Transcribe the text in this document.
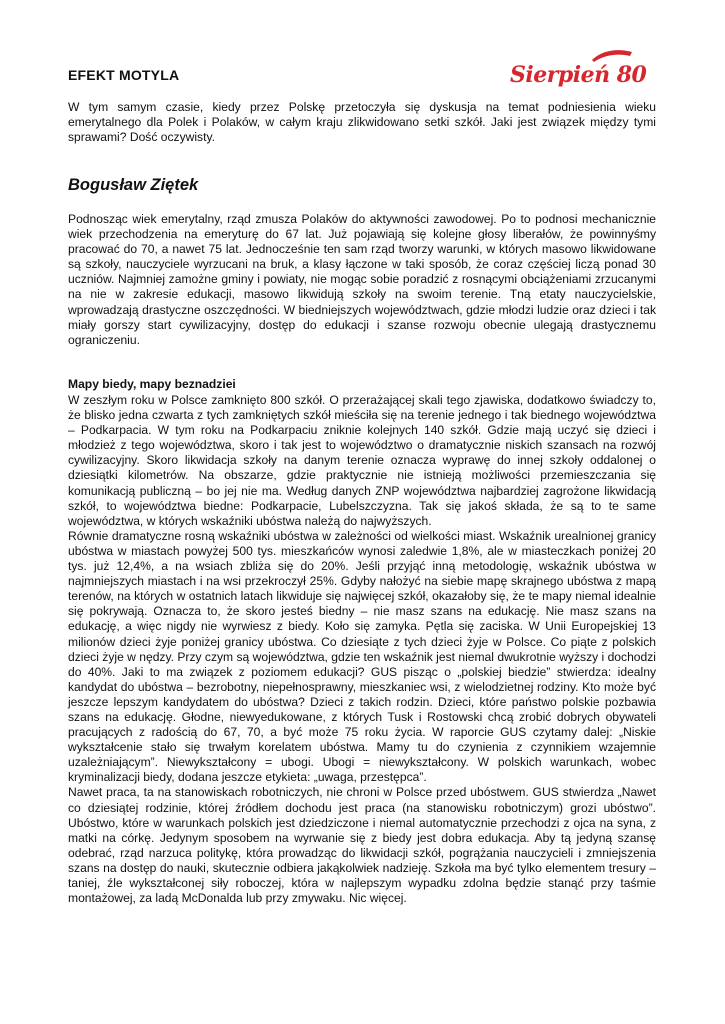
EFEKT MOTYLA	Sierpień 80

W tym samym czasie, kiedy przez Polskę przetoczyła się dyskusja na temat podniesienia wieku emerytalnego dla Polek i Polaków, w całym kraju zlikwidowano setki szkół. Jaki jest związek między tymi sprawami? Dość oczywisty.

Bogusław Ziętek

Podnosząc wiek emerytalny, rząd zmusza Polaków do aktywności zawodowej. Po to podnosi mechanicznie wiek przechodzenia na emeryturę do 67 lat. Już pojawiają się kolejne głosy liberałów, że powinnyśmy pracować do 70, a nawet 75 lat. Jednocześnie ten sam rząd tworzy warunki, w których masowo likwidowane są szkoły, nauczyciele wyrzucani na bruk, a klasy łączone w taki sposób, że coraz częściej liczą ponad 30 uczniów. Najmniej zamożne gminy i powiaty, nie mogąc sobie poradzić z rosnącymi obciążeniami zrzucanymi na nie w zakresie edukacji, masowo likwidują szkoły na swoim terenie. Tną etaty nauczycielskie, wprowadzają drastyczne oszczędności. W biedniejszych województwach, gdzie młodzi ludzie oraz dzieci i tak miały gorszy start cywilizacyjny, dostęp do edukacji i szanse rozwoju obecnie ulegają drastycznemu ograniczeniu.

Mapy biedy, mapy beznadziei

W zeszłym roku w Polsce zamknięto 800 szkół. O przerażającej skali tego zjawiska, dodatkowo świadczy to, że blisko jedna czwarta z tych zamkniętych szkół mieściła się na terenie jednego i tak biednego województwa – Podkarpacia. W tym roku na Podkarpaciu zniknie kolejnych 140 szkół. Gdzie mają uczyć się dzieci i młodzież z tego województwa, skoro i tak jest to województwo o dramatycznie niskich szansach na rozwój cywilizacyjny. Skoro likwidacja szkoły na danym terenie oznacza wyprawę do innej szkoły oddalonej o dziesiątki kilometrów. Na obszarze, gdzie praktycznie nie istnieją możliwości przemieszczania się komunikacją publiczną – bo jej nie ma. Według danych ZNP województwa najbardziej zagrożone likwidacją szkół, to województwa biedne: Podkarpacie, Lubelszczyzna. Tak się jakoś składa, że są to te same województwa, w których wskaźniki ubóstwa należą do najwyższych.

Równie dramatyczne rosną wskaźniki ubóstwa w zależności od wielkości miast. Wskaźnik urealnionej granicy ubóstwa w miastach powyżej 500 tys. mieszkańców wynosi zaledwie 1,8%, ale w miasteczkach poniżej 20 tys. już 12,4%, a na wsiach zbliża się do 20%. Jeśli przyjąć inną metodologię, wskaźnik ubóstwa w najmniejszych miastach i na wsi przekroczył 25%. Gdyby nałożyć na siebie mapę skrajnego ubóstwa z mapą terenów, na których w ostatnich latach likwiduje się najwięcej szkół, okazałoby się, że te mapy niemal idealnie się pokrywają. Oznacza to, że skoro jesteś biedny – nie masz szans na edukację. Nie masz szans na edukację, a więc nigdy nie wyrwiesz z biedy. Koło się zamyka. Pętla się zaciska. W Unii Europejskiej 13 milionów dzieci żyje poniżej granicy ubóstwa. Co dziesiąte z tych dzieci żyje w Polsce. Co piąte z polskich dzieci żyje w nędzy. Przy czym są województwa, gdzie ten wskaźnik jest niemal dwukrotnie wyższy i dochodzi do 40%. Jaki to ma związek z poziomem edukacji? GUS pisząc o „polskiej biedzie” stwierdza: idealny kandydat do ubóstwa – bezrobotny, niepełnosprawny, mieszkaniec wsi, z wielodzietnej rodziny. Kto może być jeszcze lepszym kandydatem do ubóstwa? Dzieci z takich rodzin. Dzieci, które państwo polskie pozbawia szans na edukację. Głodne, niewyedukowane, z których Tusk i Rostowski chcą zrobić dobrych obywateli pracujących z radością do 67, 70, a być może 75 roku życia. W raporcie GUS czytamy dalej: „Niskie wykształcenie stało się trwałym korelatem ubóstwa. Mamy tu do czynienia z czynnikiem wzajemnie uzależniającym”. Niewykształcony = ubogi. Ubogi = niewykształcony. W polskich warunkach, wobec kryminalizacji biedy, dodana jeszcze etykieta: „uwaga, przestępca”.

Nawet praca, ta na stanowiskach robotniczych, nie chroni w Polsce przed ubóstwem. GUS stwierdza „Nawet co dziesiątej rodzinie, której źródłem dochodu jest praca (na stanowisku robotniczym) grozi ubóstwo”. Ubóstwo, które w warunkach polskich jest dziedziczone i niemal automatycznie przechodzi z ojca na syna, z matki na córkę. Jedynym sposobem na wyrwanie się z biedy jest dobra edukacja. Aby tą jedyną szansę odebrać, rząd narzuca politykę, która prowadząc do likwidacji szkół, pogrążania nauczycieli i zmniejszenia szans na dostęp do nauki, skutecznie odbiera jakąkolwiek nadzieję. Szkoła ma być tylko elementem tresury – taniej, źle wykształconej siły roboczej, która w najlepszym wypadku zdolna będzie stanąć przy taśmie montażowej, za ladą McDonalda lub przy zmywaku. Nic więcej.
